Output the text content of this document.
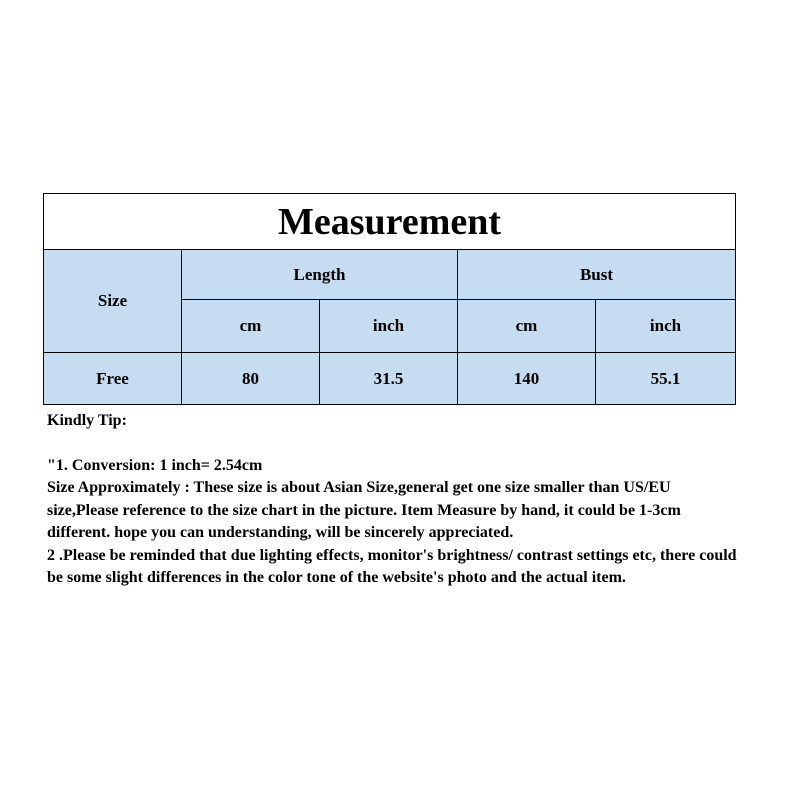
Measurement				
Size	Length		Bust	
	cm	inch	cm	inch
Free	80	31.5	140	55.1

Kindly Tip:

"1. Conversion: 1 inch= 2.54cm

Size Approximately : These size is about Asian Size,general get one size smaller than US/EU size,Please reference to the size chart in the picture. Item Measure by hand, it could be 1-3cm different. hope you can understanding, will be sincerely appreciated.

2 .Please be reminded that due lighting effects, monitor's brightness/ contrast settings etc, there could be some slight differences in the color tone of the website's photo and the actual item.
